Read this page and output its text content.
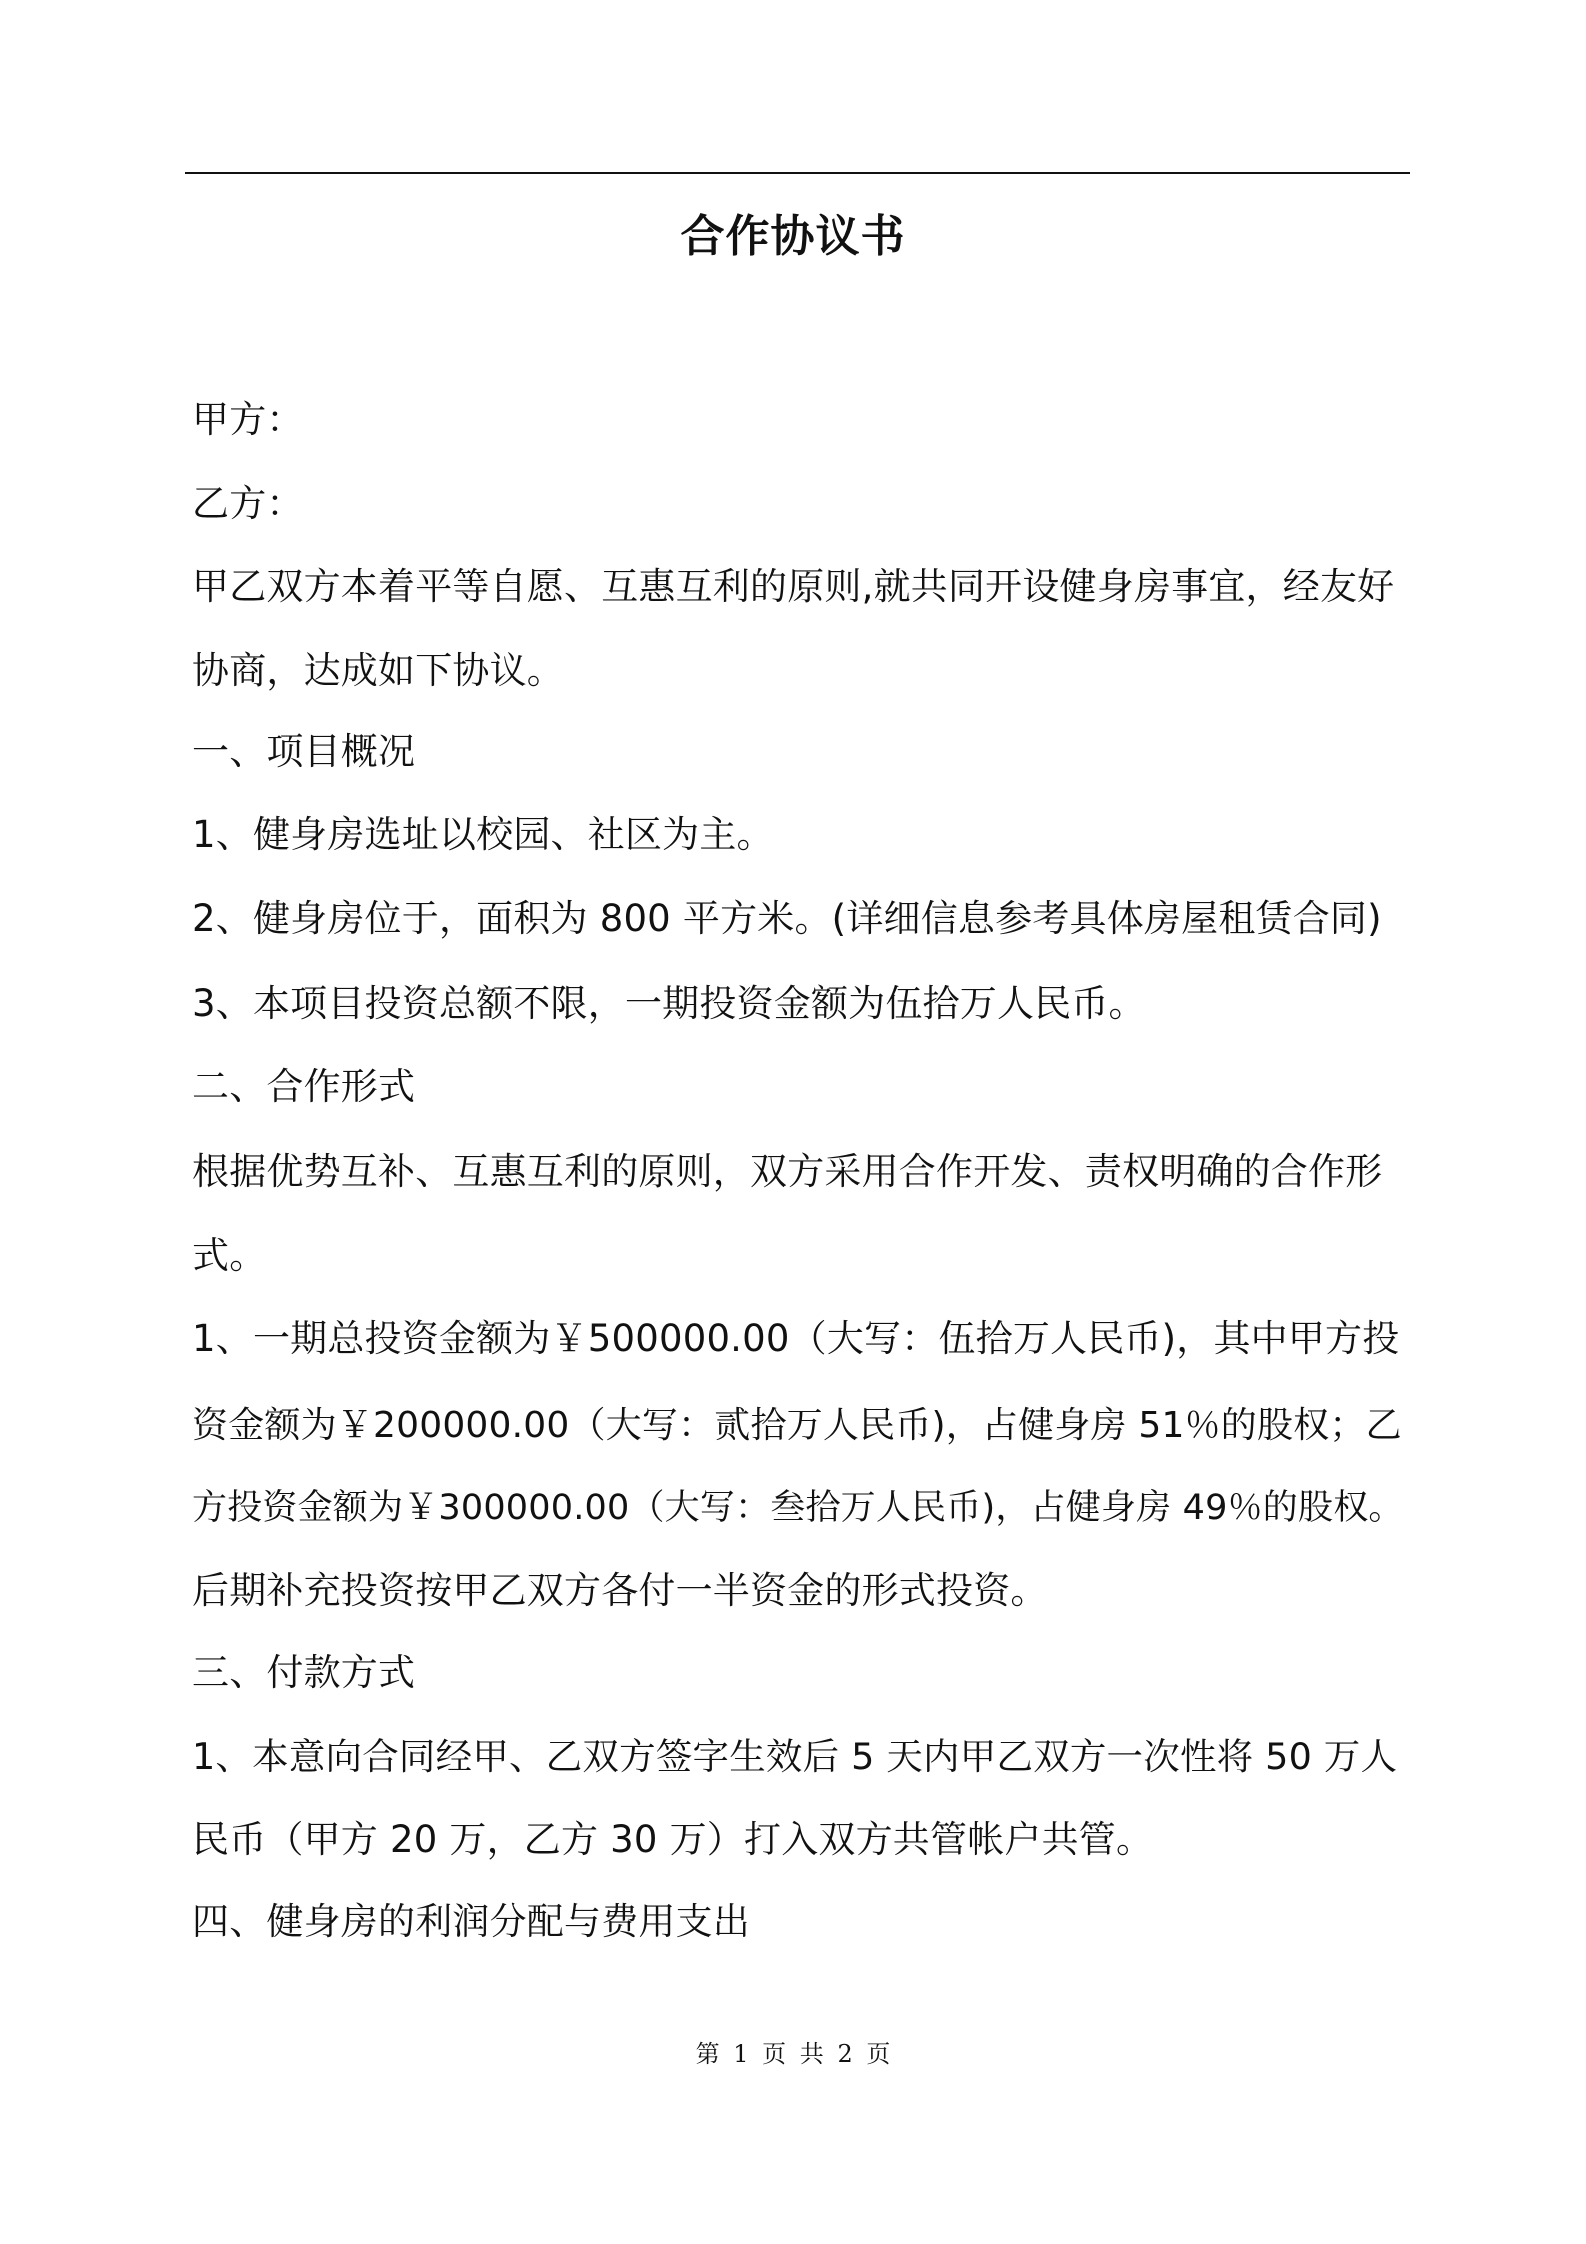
合作协议书
甲方：
乙方：
甲乙双方本着平等自愿、互惠互利的原则,就共同开设健身房事宜，经友好
协商，达成如下协议。
一、项目概况
1、健身房选址以校园、社区为主。
2、健身房位于，面积为 800 平方米。(详细信息参考具体房屋租赁合同)
3、本项目投资总额不限，一期投资金额为伍拾万人民币。
二、合作形式
根据优势互补、互惠互利的原则，双方采用合作开发、责权明确的合作形
式。
1、一期总投资金额为￥500000.00（大写：伍拾万人民币)，其中甲方投
资金额为￥200000.00（大写：贰拾万人民币)，占健身房 51％的股权；乙
方投资金额为￥300000.00（大写：叁拾万人民币)，占健身房 49％的股权。
后期补充投资按甲乙双方各付一半资金的形式投资。
三、付款方式
1、本意向合同经甲、乙双方签字生效后 5 天内甲乙双方一次性将 50 万人
民币（甲方 20 万，乙方 30 万）打入双方共管帐户共管。
四、健身房的利润分配与费用支出
第 1 页 共 2 页
